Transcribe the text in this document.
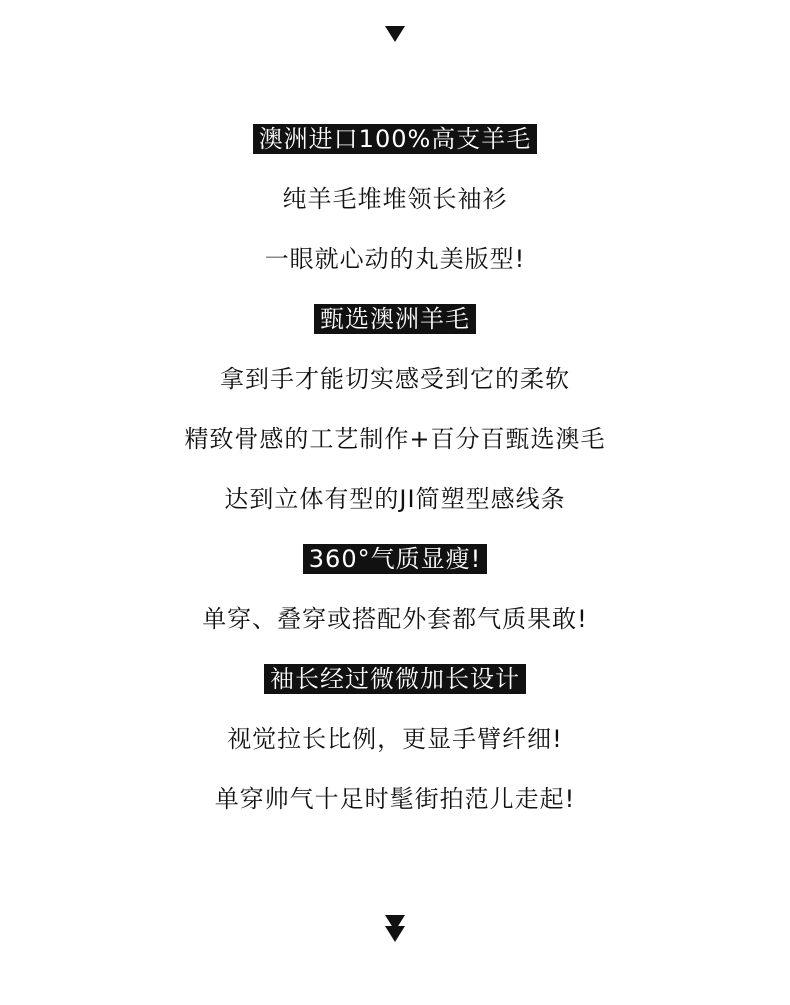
澳洲进口100%高支羊毛
纯羊毛堆堆领长袖衫
一眼就心动的丸美版型!
甄选澳洲羊毛
拿到手才能切实感受到它的柔软
精致骨感的工艺制作+百分百甄选澳毛
达到立体有型的JI简塑型感线条
360°气质显瘦!
单穿、叠穿或搭配外套都气质果敢!
袖长经过微微加长设计
视觉拉长比例，更显手臂纤细!
单穿帅气十足时髦街拍范儿走起!
